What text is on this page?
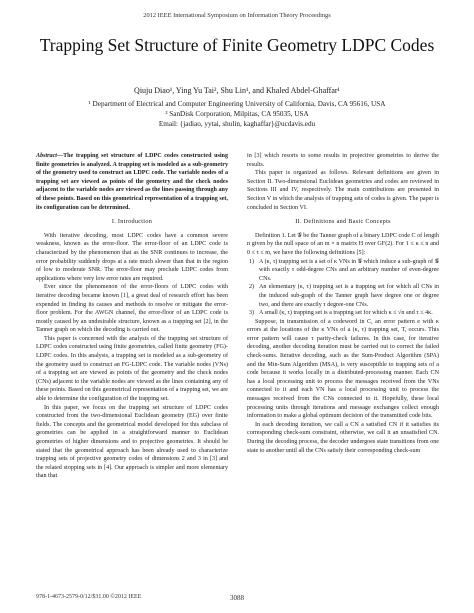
2012 IEEE International Symposium on Information Theory Proceedings
Trapping Set Structure of Finite Geometry LDPC Codes
Qiuju Diao¹, Ying Yu Tai², Shu Lin¹, and Khaled Abdel-Ghaffar¹
¹ Department of Electrical and Computer Engineering University of California, Davis, CA 95616, USA
² SanDisk Corporation, Milpitas, CA 95035, USA
Email: {jadiao, yytai, shulin, kaghaffar}@ucdavis.edu

Abstract—The trapping set structure of LDPC codes constructed using finite geometries is analyzed. A trapping set is modeled as a sub-geometry of the geometry used to construct an LDPC code. The variable nodes of a trapping set are viewed as points of the geometry and the check nodes adjacent to the variable nodes are viewed as the lines passing through any of these points. Based on this geometrical representation of a trapping set, its configuration can be determined.

I. Introduction

With iterative decoding, most LDPC codes have a common severe weakness, known as the error-floor. The error-floor of an LDPC code is characterized by the phenomenon that as the SNR continues to increase, the error probability suddenly drops at a rate much slower than that in the region of low to moderate SNR. The error-floor may preclude LDPC codes from applications where very low error rates are required.

Ever since the phenomenon of the error-floors of LDPC codes with iterative decoding became known [1], a great deal of research effort has been expended in finding its causes and methods to resolve or mitigate the error-floor problem. For the AWGN channel, the error-floor of an LDPC code is mostly caused by an undesirable structure, known as a trapping set [2], in the Tanner graph on which the decoding is carried out.

This paper is concerned with the analysis of the trapping set structure of LDPC codes constructed using finite geometries, called finite geometry (FG)-LDPC codes. In this analysis, a trapping set is modeled as a sub-geometry of the geometry used to construct an FG-LDPC code. The variable nodes (VNs) of a trapping set are viewed as points of the geometry and the check nodes (CNs) adjacent to the variable nodes are viewed as the lines containing any of these points. Based on this geometrical representation of a trapping set, we are able to determine the configuration of the trapping set.

In this paper, we focus on the trapping set structure of LDPC codes constructed from the two-dimensional Euclidean geometry (EG) over finite fields. The concepts and the geometrical model developed for this subclass of geometries can be applied in a straightforward manner to Euclidean geometries of higher dimensions and to projective geometries. It should be stated that the geometrical approach has been already used to characterize trapping sets of projective geometry codes of dimensions 2 and 3 in [3] and the related stopping sets in [4]. Our approach is simpler and more elementary than that

in [3] which resorts to some results in projective geometries to derive the results.

This paper is organized as follows. Relevant definitions are given in Section II. Two-dimensional Euclidean geometries and codes are reviewed in Sections III and IV, respectively. The main contributions are presented in Section V in which the analysis of trapping sets of codes is given. The paper is concluded in Section VI.

II. Definitions and Basic Concepts

Definition 1. Let 𝒢 be the Tanner graph of a binary LDPC code C of length n given by the null space of an m × n matrix H over GF(2). For 1 ≤ κ ≤ n and 0 ≤ τ ≤ m, we have the following definitions [5]:

1) A (κ, τ) trapping set is a set of κ VNs in 𝒢 which induce a sub-graph of 𝒢 with exactly τ odd-degree CNs and an arbitrary number of even-degree CNs.
2) An elementary (κ, τ) trapping set is a trapping set for which all CNs in the induced sub-graph of the Tanner graph have degree one or degree two, and there are exactly τ degree-one CNs.
3) A small (κ, τ) trapping set is a trapping set for which κ ≤ √n and τ ≤ 4κ.

Suppose, in transmission of a codeword in C, an error pattern e with κ errors at the locations of the κ VNs of a (κ, τ) trapping set, T, occurs. This error pattern will cause τ parity-check failures. In this case, for iterative decoding, another decoding iteration must be carried out to correct the failed check-sums. Iterative decoding, such as the Sum-Product Algorithm (SPA) and the Min-Sum Algorithm (MSA), is very susceptible to trapping sets of a code because it works locally in a distributed-processing manner. Each CN has a local processing unit to process the messages received from the VNs connected to it and each VN has a local processing unit to process the messages received from the CNs connected to it. Hopefully, these local processing units through iterations and message exchanges collect enough information to make a global optimum decision of the transmitted code bits.

In each decoding iteration, we call a CN a satisfied CN if it satisfies its corresponding check-sum constraint, otherwise, we call it an unsatisfied CN. During the decoding process, the decoder undergoes state transitions from one state to another until all the CNs satisfy their corresponding check-sum

978-1-4673-2579-0/12/$31.00 ©2012 IEEE	3088
